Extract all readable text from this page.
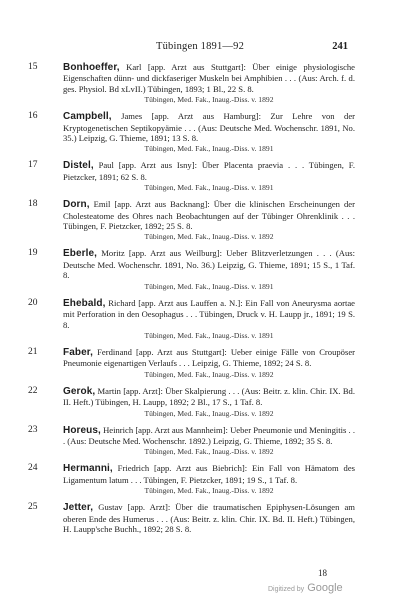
Tübingen 1891—92	241
15	Bonhoeffer, Karl [app. Arzt aus Stuttgart]: Über einige physiologische Eigenschaften dünn- und dickfaseriger Muskeln bei Amphibien . . . (Aus: Arch. f. d. ges. Physiol. Bd xLvII.) Tübingen, 1893; 1 Bl., 22 S. 8.
Tübingen, Med. Fak., Inaug.-Diss. v. 1892
16	Campbell, James [app. Arzt aus Hamburg]: Zur Lehre von der Kryptogenetischen Septikopyämie . . . (Aus: Deutsche Med. Wochenschr. 1891, No. 35.) Leipzig, G. Thieme, 1891; 13 S. 8.
Tübingen, Med. Fak., Inaug.-Diss. v. 1891
17	Distel, Paul [app. Arzt aus Isny]: Über Placenta praevia . . . Tübingen, F. Pietzcker, 1891; 62 S. 8.
Tübingen, Med. Fak., Inaug.-Diss. v. 1891
18	Dorn, Emil [app. Arzt aus Backnang]: Über die klinischen Erscheinungen der Cholesteatome des Ohres nach Beobachtungen auf der Tübinger Ohrenklinik . . . Tübingen, F. Pietzcker, 1892; 25 S. 8.
Tübingen, Med. Fak., Inaug.-Diss. v. 1892
19	Eberle, Moritz [app. Arzt aus Weilburg]: Ueber Blitzverletzungen . . . (Aus: Deutsche Med. Wochenschr. 1891, No. 36.) Leipzig, G. Thieme, 1891; 15 S., 1 Taf. 8.
Tübingen, Med. Fak., Inaug.-Diss. v. 1891
20	Ehebald, Richard [app. Arzt aus Lauffen a. N.]: Ein Fall von Aneurysma aortae mit Perforation in den Oesophagus . . . Tübingen, Druck v. H. Laupp jr., 1891; 19 S. 8.
Tübingen, Med. Fak., Inaug.-Diss. v. 1891
21	Faber, Ferdinand [app. Arzt aus Stuttgart]: Ueber einige Fälle von Croupöser Pneumonie eigenartigen Verlaufs . . . Leipzig, G. Thieme, 1892; 24 S. 8.
Tübingen, Med. Fak., Inaug.-Diss. v. 1892
22	Gerok, Martin [app. Arzt]: Über Skalpierung . . . (Aus: Beitr. z. klin. Chir. IX. Bd. II. Heft.) Tübingen, H. Laupp, 1892; 2 Bl., 17 S., 1 Taf. 8.
Tübingen, Med. Fak., Inaug.-Diss. v. 1892
23	Horeus, Heinrich [app. Arzt aus Mannheim]: Ueber Pneumonie und Meningitis . . . (Aus: Deutsche Med. Wochenschr. 1892.) Leipzig, G. Thieme, 1892; 35 S. 8.
Tübingen, Med. Fak., Inaug.-Diss. v. 1892
24	Hermanni, Friedrich [app. Arzt aus Biebrich]: Ein Fall von Hämatom des Ligamentum latum . . . Tübingen, F. Pietzcker, 1891; 19 S., 1 Taf. 8.
Tübingen, Med. Fak., Inaug.-Diss. v. 1892
25	Jetter, Gustav [app. Arzt]: Über die traumatischen Epiphysen-Lösungen am oberen Ende des Humerus . . . (Aus: Beitr. z. klin. Chir. IX. Bd. II. Heft.) Tübingen, H. Laupp'sche Buchh., 1892; 28 S. 8.
18
Digitized by Google
